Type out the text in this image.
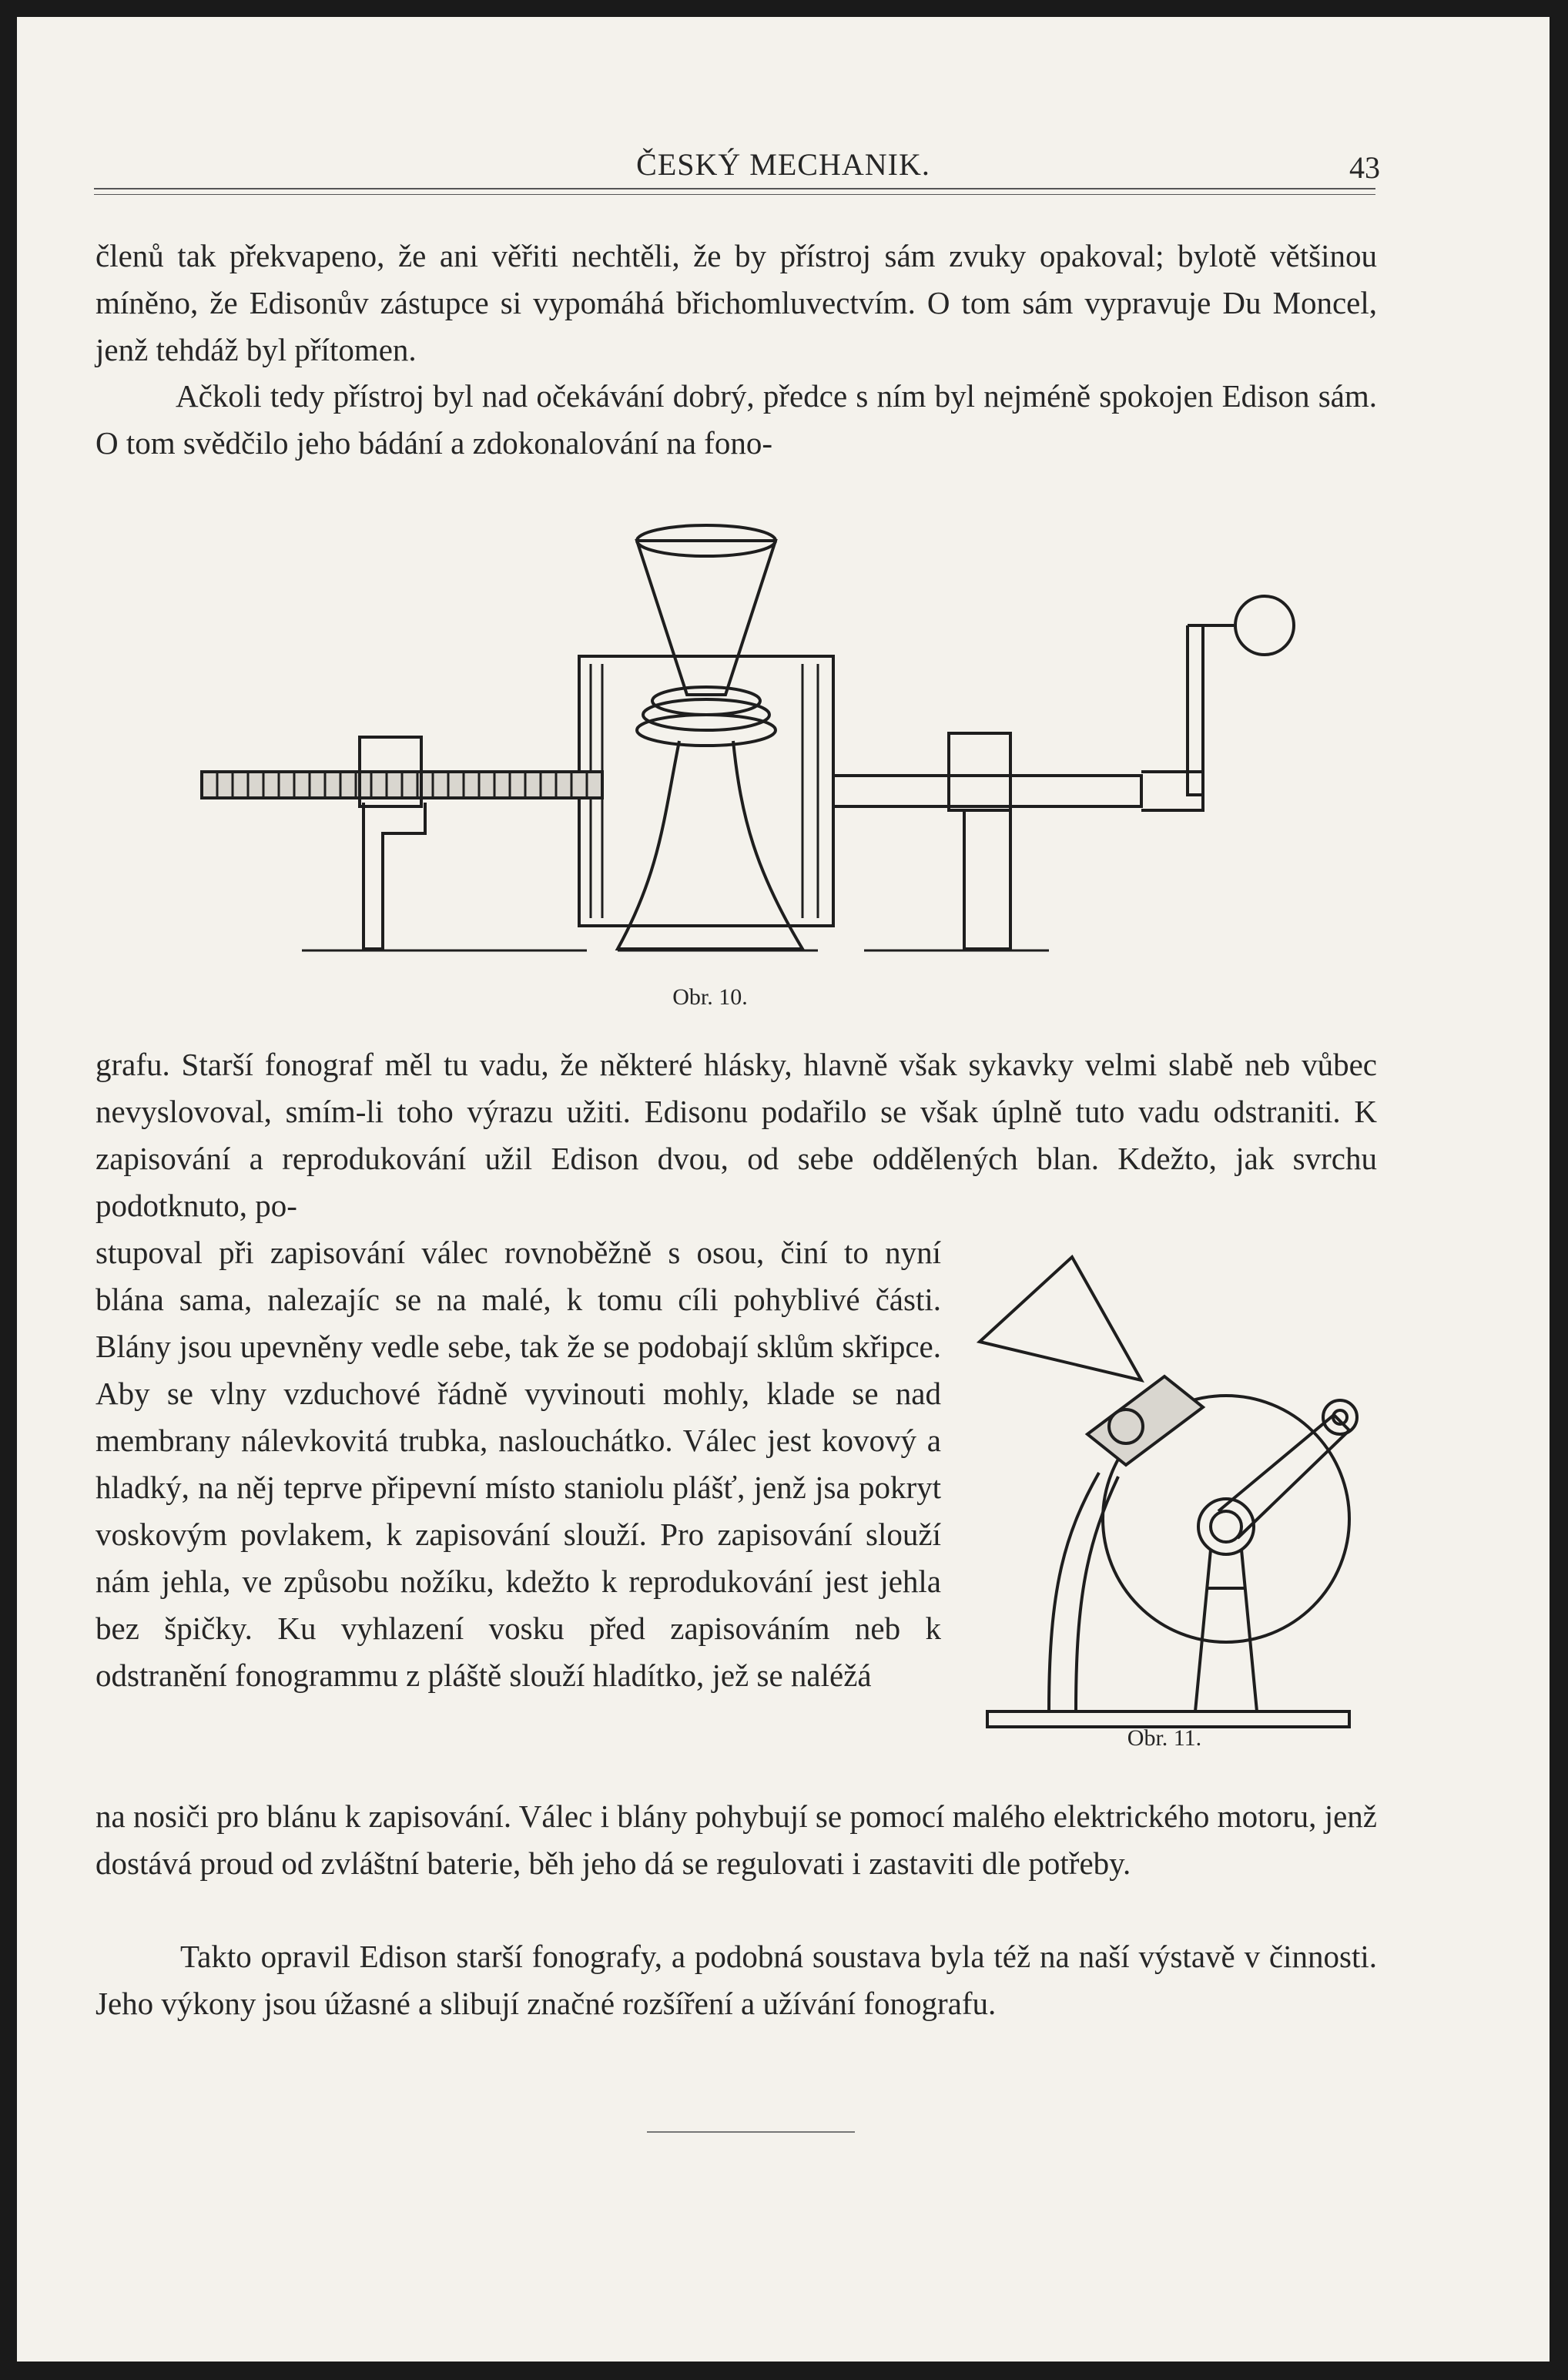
ČESKÝ MECHANIK.	43

členů tak překvapeno, že ani věřiti nechtěli, že by přístroj sám zvuky opakoval; bylotě většinou míněno, že Edisonův zástupce si vypomáhá břichomluvectvím. O tom sám vypravuje Du Moncel, jenž tehdáž byl přítomen.

Ačkoli tedy přístroj byl nad očekávání dobrý, předce s ním byl nejméně spokojen Edison sám. O tom svědčilo jeho bádání a zdokonalování na fono-

Obr. 10.

grafu. Starší fonograf měl tu vadu, že některé hlásky, hlavně však sykavky velmi slabě neb vůbec nevyslovoval, smím-li toho výrazu užiti. Edisonu podařilo se však úplně tuto vadu odstraniti. K zapisování a reprodukování užil Edison dvou, od sebe oddělených blan. Kdežto, jak svrchu podotknuto, po-

stupoval při zapisování válec rovnoběžně s osou, činí to nyní blána sama, nalezajíc se na malé, k tomu cíli pohyblivé části. Blány jsou upevněny vedle sebe, tak že se podobají sklům skřipce. Aby se vlny vzduchové řádně vyvinouti mohly, klade se nad membrany nálevkovitá trubka, naslouchátko. Válec jest kovový a hladký, na něj teprve připevní místo staniolu plášť, jenž jsa pokryt voskovým povlakem, k zapisování slouží. Pro zapisování slouží nám jehla, ve způsobu nožíku, kdežto k reprodukování jest jehla bez špičky. Ku vyhlazení vosku před zapisováním neb k odstranění fonogrammu z pláště slouží hladítko, jež se naléžá

Obr. 11.

na nosiči pro blánu k zapisování. Válec i blány pohybují se pomocí malého elektrického motoru, jenž dostává proud od zvláštní baterie, běh jeho dá se regulovati i zastaviti dle potřeby.

Takto opravil Edison starší fonografy, a podobná soustava byla též na naší výstavě v činnosti. Jeho výkony jsou úžasné a slibují značné rozšíření a užívání fonografu.
